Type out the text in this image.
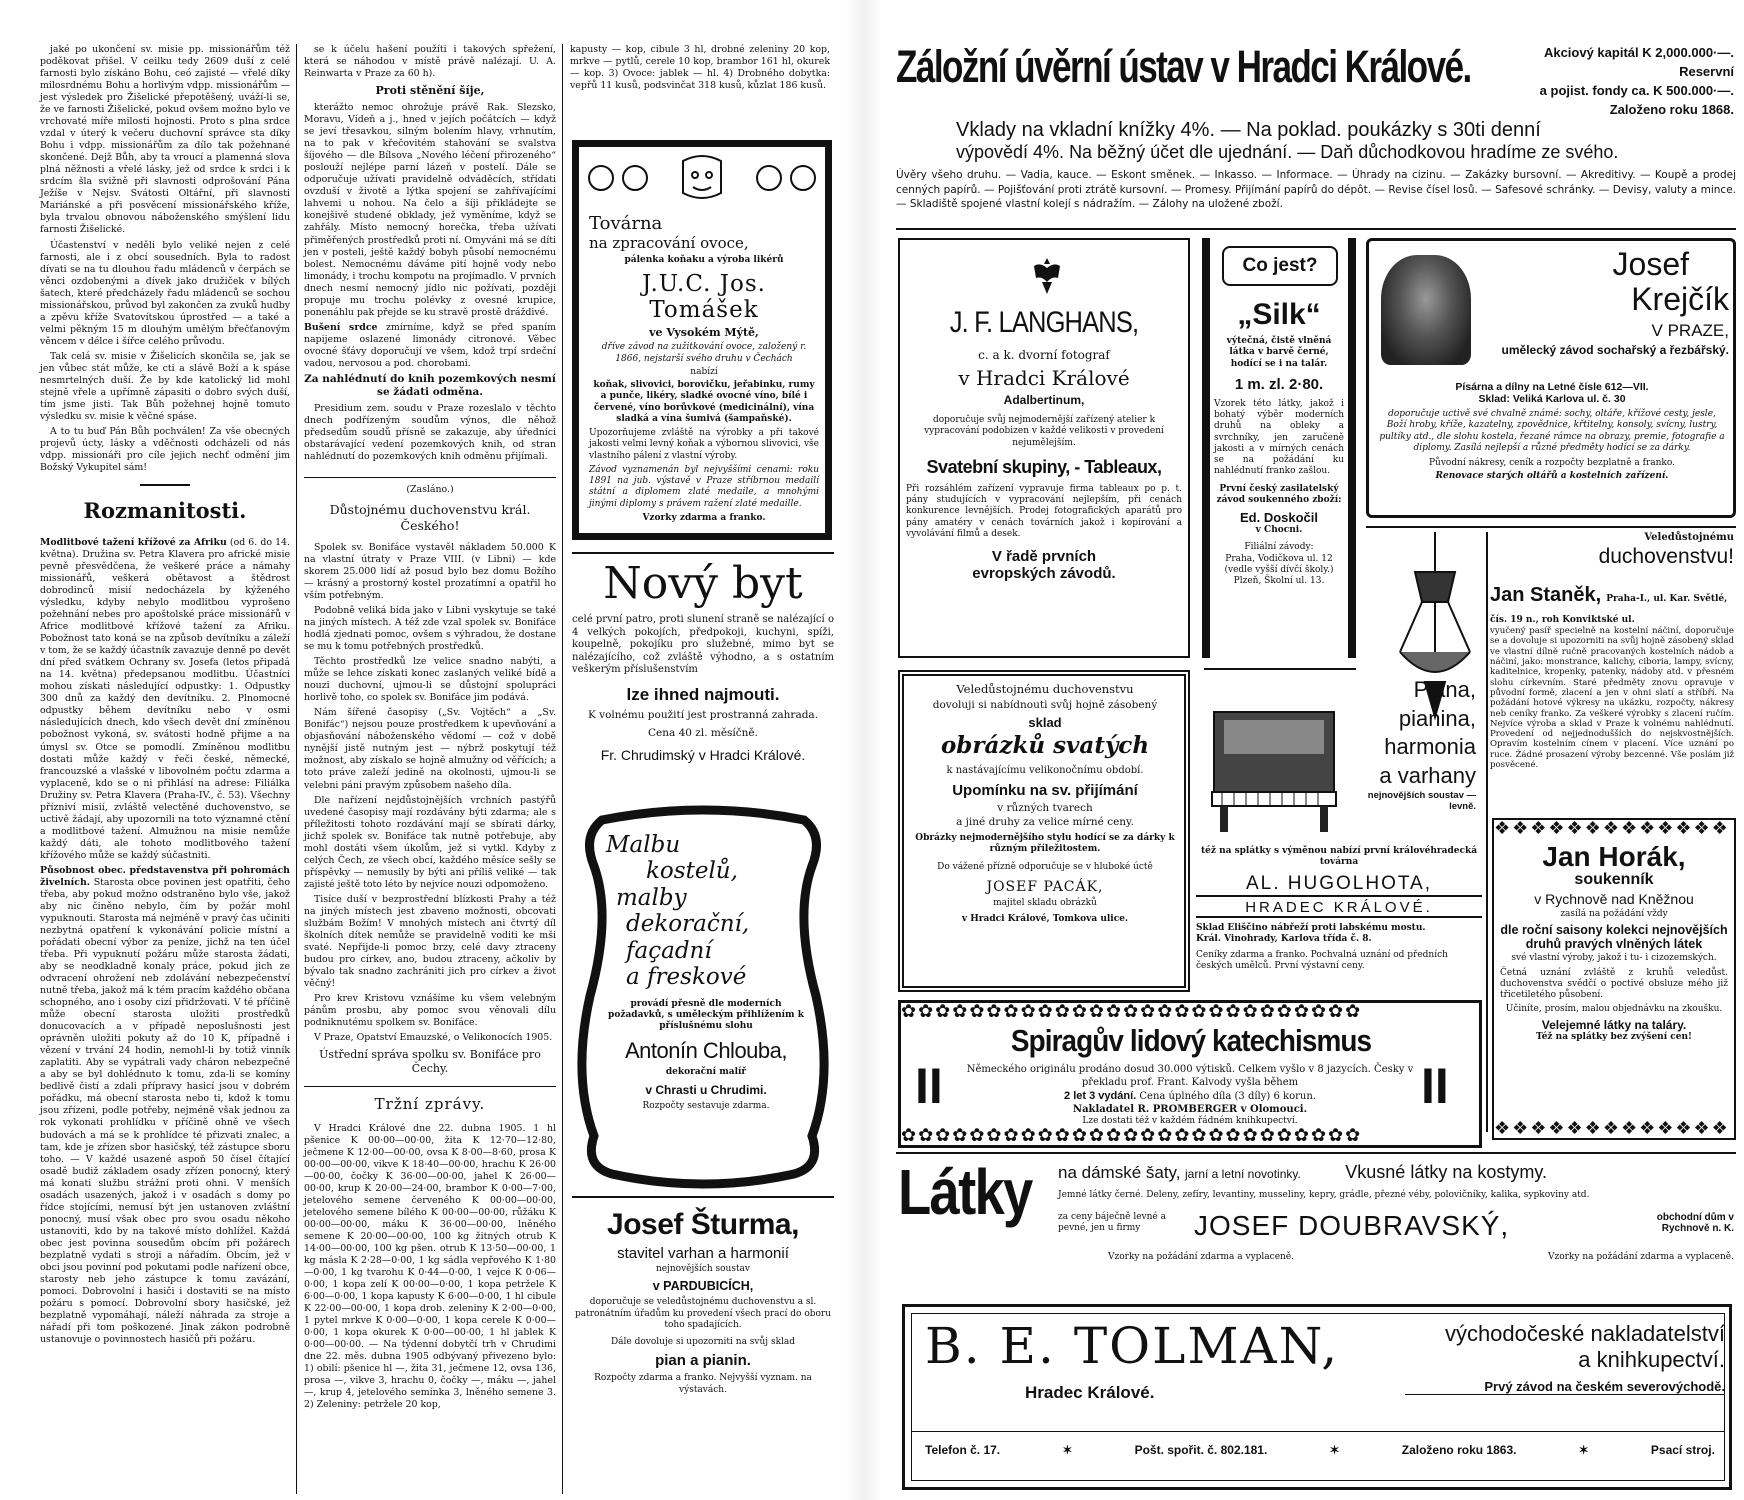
jaké po ukončení sv. misie pp. missionářům též poděkovat přišel. V ceilku tedy 2609 duší z celé farnosti bylo získáno Bohu, ceó zajisté — vřelé díky milosrdnému Bohu a horlivým vdpp. missionářům — jest výsledek pro Žišelické přepotěšený, uváží-li se, že ve farnosti Žišelické, pokud ovšem možno bylo ve vrchovaté míře milosti hojnosti. Proto s plna srdce vzdal v úterý k večeru duchovní správce sta díky Bohu i vdpp. missionářům za dílo tak požehnané skončené. Dejž Bůh, aby ta vroucí a plamenná slova plná něžnosti a vřelé lásky, jež od srdce k srdci i k srdcím šla svižně při slavnosti odprošování Pána Ježíše v Nejsv. Svátosti Oltářní, při slavnosti Mariánské a při posvěcení missionářského kříže, byla trvalou obnovou náboženského smýšlení lidu farnosti Žišelické.

Účastenství v neděli bylo veliké nejen z celé farnosti, ale i z obcí sousedních. Byla to radost dívati se na tu dlouhou řadu mládenců v čerpách se věnci ozdobenými a dívek jako družiček v bílých šatech, které předcházely řadu mládenců se sochou missionářskou, průvod byl zakončen za zvuků hudby a zpěvu kříže Svatovítskou úprostřed — a také a velmi pěkným 15 m dlouhým umělým břečťanovým věncem v délce i šířce celého průvodu.

Tak celá sv. misie v Žišelicích skončila se, jak se jen vůbec stát může, ke cti a slávě Boží a k spáse nesmrtelných duší. Že by kde katolický lid mohl stejně vřele a upřímně zápasiti o dobro svých duší, tím jsme jisti. Tak Bůh požehnej hojně tomuto výsledku sv. misie k věčné spáse.

A to tu buď Pán Bůh pochválen! Za vše obecných projevů úcty, lásky a vděčnosti odcházeli od nás vdpp. missionáři pro cíle jejich nechť odmění jim Božský Vykupitel sám!

Rozmanitosti.

Modlitbové tažení křížové za Afriku (od 6. do 14. května). Družina sv. Petra Klavera pro africké misie pevně přesvědčena, že veškeré práce a námahy missionářů, veškerá obětavost a štědrost dobrodinců misií nedocházela by kýženého výsledku, kdyby nebylo modlitbou vyprošeno požehnání nebes pro apoštolské práce missionářů v Africe modlitbové křížové tažení za Afriku. Pobožnost tato koná se na způsob devítníku a záleží v tom, že se každý účastník zavazuje denně po devět dní před svátkem Ochrany sv. Josefa (letos připadá na 14. května) předepsanou modlitbu. Účastníci mohou získati následující odpustky: 1. Odpustky 300 dnů za každý den devítníku. 2. Plnomocné odpustky během devítníku nebo v osmi následujících dnech, kdo všech devět dní zmíněnou pobožnost vykoná, sv. svátosti hodně přijme a na úmysl sv. Otce se pomodlí. Zmíněnou modlitbu dostati může každý v řeči české, německé, francouzské a vlašské v libovolném počtu zdarma a vyplaceně, kdo se o ni přihlásí na adrese: Filiálka Družiny sv. Petra Klavera (Praha-IV., č. 53). Všechny přízniví misií, zvláště velectěné duchovenstvo, se uctivě žádají, aby upozornili na toto významné ctění a modlitbové tažení. Almužnou na misie nemůže každý dáti, ale tohoto modlitbového tažení křížového může se každý súčastniti.

Působnost obec. představenstva při pohromách živelních. Starosta obce povinen jest opatřiti, čeho třeba, aby pokud možno odstraněno bylo vše, jakož aby nic činěno nebylo, čím by požár mohl vypuknouti. Starosta má nejméně v pravý čas učiniti nezbytná opatření k vykonávání policie místní a pořádati obecní výbor za peníze, jichž na ten účel třeba. Při vypuknutí požáru může starosta žádati, aby se neodkladně konaly práce, pokud jich ze odvracení ohrožení neb zdolávání nebezpečenství nutně třeba, jakož má k tém pracím každého občana schopného, ano i osoby cizí přidržovati. V té příčině může obecní starosta uložiti prostředků donucovacích a v případě neposlušnosti jest oprávněn uložiti pokuty až do 10 K, případně i vězení v trvání 24 hodin, nemohl-li by totiž vinník zaplatiti. Aby se vypátrali vady cháron nebezpečné a aby se byl dohlédnuto k tomu, zda-li se komíny bedlivě čistí a zdali přípravy hasicí jsou v dobrém pořádku, má obecní starosta nebo ti, kdož k tomu jsou zřízeni, podle potřeby, nejméně však jednou za rok vykonati prohlídku v příčině ohně ve všech budovách a má se k prohlídce té přizvati znalec, a tam, kde je zřízen sbor hasičský, též zástupce sboru toho. — V každé usazené aspoň 50 čísel čítající osadě budiž základem osady zřízen ponocný, který má konati službu strážní proti ohni. V menších osadách usazených, jakož i v osadách s domy po řídce stojícími, nemusí být jen ustanoven zvláštní ponocný, musí však obec pro svou osadu někoho ustanoviti, kdo by na takové místo dohlížel. Každá obec jest povinna sousedům obcím při požárech bezplatně vydati s stroji a nářadím. Obcím, jež v obci jsou povinní pod pokutami podle nařízení obce, starosty neb jeho zástupce k tomu zavázání, pomoci. Dobrovolní i hasiči i dostaviti se na místo požáru s pomocí. Dobrovolní sbory hasičské, jež bezplatně vypomáhají, náleží náhrada za stroje a nářadí při tom poškozené. Jinak zákon podrobně ustanovuje o povinnostech hasičů při požáru.

se k účelu hašení použíti i takových spřežení, která se náhodou v místě právě nalézají. U. A. Reinwarta v Praze za 60 h).

Proti stěnění šíje,

kterážto nemoc ohrožuje právě Rak. Slezsko, Moravu, Vídeň a j., hned v jejích počátcích — když se jeví třesavkou, silným bolením hlavy, vrhnutím, na to pak v křečovitém stahování se svalstva šíjového — dle Bílsova „Nového léčení přirozeného“ poslouží nejlépe parní lázeň v postelí. Dále se odporučuje užívati pravidelně odváděcích, střídati ovzduší v životě a lýtka spojení se zahřívajícími lahvemi u nohou. Na čelo a šíji přikládejte se konejšivě studené obklady, jež vyměníme, když se zahřály. Místo nemocný horečka, třeba užívati přiměřených prostředků proti ní. Omyváni má se díti jen v posteli, ještě každý bobyh působí nemocnému bolest. Nemocnému dáváme pití hojně vody nebo limonády, i trochu kompotu na projímadlo. V prvních dnech nesmí nemocný jídlo nic požívati, později propuje mu trochu polévky z ovesné krupice, ponenáhlu pak přejde se ku stravě prostě dráždivé.

Bušení srdce zmírníme, když se před spaním napijeme oslazené limonády citronové. Věbec ovocné šťávy doporučují ve všem, kdož trpí srdeční vadou, nervosou a pod. chorobami.

Za nahlédnutí do knih pozemkových nesmí se žádati odměna.

Presidium zem. soudu v Praze rozeslalo v těchto dnech podřízeným soudům výnos, dle něhož předsedům soudů přísně se zakazuje, aby úředníci obstarávající vedení pozemkových knih, od stran nahlédnutí do pozemkových knih odměnu přijímali.

(Zasláno.)
Důstojnému duchovenstvu král. Českého!

Spolek sv. Bonifáce vystavěl nákladem 50.000 K na vlastní útraty v Praze VIII. (v Libni) — kde skorem 25.000 lidí až posud bylo bez domu Božího — krásný a prostorný kostel prozatímní a opatřil ho vším potřebným.

Podobně veliká bída jako v Libni vyskytuje se také na jiných místech. A též zde vzal spolek sv. Bonifáce hodlá zjednati pomoc, ovšem s výhradou, že dostane se mu k tomu potřebných prostředků.

Těchto prostředků lze velice snadno nabýti, a může se lehce získati konec zaslaných veliké bídě a nouzi duchovní, ujmou-li se důstojní spolupráci horlivě toho, co spolek sv. Bonifáce jim podává.

Nám šířené časopisy („Sv. Vojtěch“ a „Sv. Bonifác“) nejsou pouze prostředkem k upevňování a objasňování náboženského vědomí — což v době nynější jistě nutným jest — nýbrž poskytují též možnost, aby získalo se hojně almužny od věřících; a toto práve zaleží jedině na okolnosti, ujmou-li se velebni páni pravým způsobem našeho díla.

Dle nařízení nejdůstojnějších vrchních pastýřů uvedené časopisy mají rozdávány býti zdarma; ale s příležitosti tohoto rozdávání mají se sbírati dárky, jichž spolek sv. Bonifáce tak nutně potřebuje, aby mohl dostáti všem úkolům, jež si vytkl. Kdyby z celých Čech, ze všech obcí, každého měsíce sešly se příspěvky — nemusily by býti ani příliš veliké — tak zajisté ještě toto léto by nejvíce nouzi odpomoženo.

Tisíce duší v bezprostřední blízkosti Prahy a též na jiných místech jest zbaveno možnosti, obcovati službám Božím! V mnohých místech ani čtvrtý díl školních dítek nemůže se pravidelně voditi ke mši svaté. Nepřijde-li pomoc brzy, celé davy ztraceny budou pro církev, ano, budou ztraceny, ačkoliv by bývalo tak snadno zachrániti jich pro církev a život věčný!

Pro krev Kristovu vznášíme ku všem velebným pánům prosbu, aby pomoc svou věnovali dílu podniknutému spolkem sv. Bonifáce.

V Praze, Opatství Emauzské, o Velikonocích 1905.

Ústřední správa spolku sv. Bonifáce pro Čechy.
Tržní zprávy.

V Hradci Králové dne 22. dubna 1905. 1 hl pšenice K 00·00—00·00, žita K 12·70—12·80, ječmene K 12·00—00·00, ovsa K 8·00—8·60, prosa K 00·00—00·00, vikve K 18·40—00·00, hrachu K 26·00—00·00, čočky K 36·00—00·00, jahel K 26·00—00·00, krup K 20·00—24·00, brambor K 0·00—7·00, jetelového semene červeného K 00·00—00·00, jetelového semene bílého K 00·00—00·00, růžáku K 00·00—00·00, máku K 36·00—00·00, lněného semene K 20·00—00·00, 100 kg žitných otrub K 14·00—00·00, 100 kg pšen. otrub K 13·50—00·00, 1 kg másla K 2·28—0·00, 1 kg sádla vepřového K 1·80—0·00, 1 kg tvarohu K 0·44—0·00, 1 vejce K 0·06—0·00, 1 kopa zelí K 00·00—0·00, 1 kopa petržele K 6·00—0·00, 1 kopa kapusty K 6·00—0·00, 1 hl cibule K 22·00—00·00, 1 kopa drob. zeleniny K 2·00—0·00, 1 pytel mrkve K 0·00—0·00, 1 kopa cerele K 0·00—0·00, 1 kopa okurek K 0·00—00·00, 1 hl jablek K 0·00—00·00. — Na týdenní dobytčí trh v Chrudimi dne 22. měs. dubna 1905 odbývaný přivezeno bylo: 1) obilí: pšenice hl —, žita 31, ječmene 12, ovsa 136, prosa —, vikve 3, hrachu 0, čočky —, máku —, jahel —, krup 4, jetelového semínka 3, lněného semene 3. 2) Zeleniny: petržele 20 kop,

kapusty — kop, cibule 3 hl, drobné zeleniny 20 kop, mrkve — pytlů, cerele 10 kop, brambor 161 hl, okurek — kop. 3) Ovoce: jablek — hl. 4) Drobného dobytka: vepřů 11 kusů, podsvinčat 318 kusů, kůzlat 186 kusů.

Továrna
na zpracování ovoce,
pálenka koňaku a výroba likérů
J.U.C. Jos. Tomášek
ve Vysokém Mýtě,
dříve závod na zužitkování ovoce, založený r. 1866, nejstarší svého druhu v Čechách
nabízí
koňak, slivovici, borovičku, jeřabinku, rumy a punče, likéry, sladké ovocné víno, bílé i červené, víno borůvkové (medicinální), vína sladká a vína šumivá (šampaňské).
Upozorňujeme zvláště na výrobky a při takové jakosti velmi levný koňak a výbornou slivovici, vše vlastního pálení z vlastní výroby.
Závod vyznamenán byl nejvyššími cenami: roku 1891 na jub. výstavě v Praze stříbrnou medailí státní a diplomem zlaté medaile, a mnohými jinými diplomy s právem ražení zlaté medaille.
Vzorky zdarma a franko.
Nový byt
celé první patro, proti slunení straně se nalézající o 4 velkých pokojích, předpokoji, kuchyni, spíži, koupelně, pokojíku pro služebné, mimo byt se nalézajícího, což zvláště výhodno, a s ostatním veškerým příslušenstvím
lze ihned najmouti.
K volnému použití jest prostranná zahrada.
Cena 40 zl. měsíčně.
Fr. Chrudimský v Hradci Králové.
Malbu
kostelů,
malby
dekorační,
façadní
a freskové
provádí přesně dle moderních požadavků, s uměleckým přihlížením k příslušnému slohu
Antonín Chlouba,
dekorační malíř
v Chrasti u Chrudimi.
Rozpočty sestavuje zdarma.
Josef Šturma,
stavitel varhan a harmonií
nejnovějších soustav
v PARDUBICÍCH,
doporučuje se veledůstojnému duchovenstvu a sl. patronátním úřadům ku provedení všech prací do oboru toho spadajících.
Dále dovoluje si upozorniti na svůj sklad
pian a pianin.
Rozpočty zdarma a franko. Nejvyšší vyznam. na výstavách.
Záložní úvěrní ústav v Hradci Králové.	Akciový kapitál K 2,000.000·—.
Reservní
a pojist. fondy ca. K 500.000·—.
Založeno roku 1868.
Vklady na vkladní knížky 4%. — Na poklad. poukázky s 30ti denní
výpovědí 4%. Na běžný účet dle ujednání. — Daň důchodkovou hradíme ze svého.
Úvěry všeho druhu. — Vadia, kauce. — Eskont směnek. — Inkasso. — Informace. — Úhrady na cizinu. — Zakázky bursovní. — Akreditivy. — Koupě a prodej cenných papírů. — Pojišťování proti ztrátě kursovní. — Promesy. Přijímání papírů do dépôt. — Revise čísel losů. — Safesové schránky. — Devisy, valuty a mince. — Skladiště spojené vlastní kolejí s nádražím. — Zálohy na uložené zboží.
J. F. LANGHANS,
c. a k. dvorní fotograf
v Hradci Králové
Adalbertinum,
doporučuje svůj nejmodernější zařízený atelier k vypracování podobizen v každé velikosti v provedení nejumělejším.
Svatební skupiny, - Tableaux,
Při rozsáhlém zařízení vypravuje firma tableaux po p. t. pány studujících v vypracování nejlepším, při cenách konkurence levnějších. Prodej fotografických aparátů pro pány amatéry v cenách továrních jakož i kopírování a vyvolávání filmů a desek.
V řadě prvních
evropských závodů.
Co jest?
„Silk“
výtečná, čistě vlněná látka v barvě černé, hodící se i na talár.
1 m. zl. 2·80.
Vzorek této látky, jakož i bohatý výběr moderních druhů na obleky a svrchníky, jen zaručeně jakosti a v mírných cenách se na požádání ku nahlédnutí franko zašlou.
První český zasilatelský závod soukenného zboží:
Ed. Doskočil
v Chocni.
Filiální závody:
Praha, Vodičkova ul. 12 (vedle vyšší dívčí školy.)
Plzeň, Školní ul. 13.
Josef
Krejčík
V PRAZE,
umělecký závod sochařský a řezbářský.
Písárna a dílny na Letné čísle 612—VII.
Sklad: Veliká Karlova ul. č. 30
doporučuje uctivě své chvalně známé: sochy, oltáře, křížové cesty, jesle, Boží hroby, kříže, kazatelny, zpovědnice, křtitelny, konsoly, svícny, lustry, pultíky atd., dle slohu kostela, řezané rámce na obrazy, premie, fotografie a diplomy. Zasílá nejlepší a různé předměty hodící se za dárky.
Původní nákresy, ceník a rozpočty bezplatně a franko.
Renovace starých oltářů a kostelních zařízení.
Veledůstojnému
duchovenstvu!
Jan Staněk, Praha-I., ul. Kar. Světlé, čís. 19 n., roh Konviktské ul.
vyučený pasíř specielně na kostelní náčiní, doporučuje se a dovoluje si upozorniti na svůj hojně zásobený sklad ve vlastní dílně ručně pracovaných kostelních nádob a náčiní, jako: monstrance, kalichy, ciboria, lampy, svícny, kaditelnice, kropenky, patenky, nádoby atd. v přesném slohu církevním. Staré předměty znovu opravuje v původní formě, zlacení a jen v ohni slatí a stříbří. Na požádání hotové výkresy na ukázku, rozpočty, nákresy neb ceníky franko. Za veškeré výrobky s zlacení ručím. Nejvíce výroba a sklad v Praze k volnému nahlédnutí. Provedení od nejjednodušších do nejskvostnějších. Opravím kostelním cínem v placení. Více uznání po ruce. Žádné prosazení výroby bezcenné. Vše poslám již posvěcené.
Veledůstojnému duchovenstvu
dovoluji si nabídnouti svůj hojně zásobený
sklad
obrázků svatých
k nastávajícímu velikonočnímu období.
Upomínku na sv. přijímání
v různých tvarech
a jiné druhy za velice mírné ceny.
Obrázky nejmodernějšího stylu hodící se za dárky k různým příležitostem.
Do vážené přízně odporučuje se v hluboké úctě
JOSEF PACÁK,
majitel skladu obrázků
v Hradci Králové, Tomkova ulice.
Piana,
pianina,
harmonia
a varhany
nejnovějších soustav — levně.
též na splátky s výměnou nabízí první královéhradecká továrna
AL. HUGOLHOTA,
HRADEC KRÁLOVÉ.
Sklad Eliščino nábřeží proti labskému mostu.
Král. Vinohrady, Karlova třída č. 8.
Ceníky zdarma a franko. Pochvalná uznání od předních českých umělců. První výstavní ceny.
❖❖❖❖❖❖❖❖❖❖❖❖❖
❖❖❖❖❖❖❖❖❖❖❖❖❖
Jan Horák,
soukenník
v Rychnově nad Kněžnou
zasílá na požádání vždy
dle roční saisony kolekci nejnovějších druhů pravých vlněných látek
své vlastní výroby, jakož i tu- i cizozemských.
Četná uznání zvláště z kruhů veledůst. duchovenstva svědčí o poctivé obsluze mého již třicetiletého působení.
Učiníte, prosím, malou objednávku na zkoušku.
Velejemné látky na taláry.
Též na splátky bez zvýšení cen!
✿✿✿✿✿✿✿✿✿✿✿✿✿✿✿✿✿✿✿✿✿✿✿✿✿✿✿
✿✿✿✿✿✿✿✿✿✿✿✿✿✿✿✿✿✿✿✿✿✿✿✿✿✿✿
Spiragův lidový katechismus
II	II
Německého originálu prodáno dosud 30.000 výtisků. Celkem vyšlo v 8 jazycích. Česky v překladu prof. Frant. Kalvody vyšla během
2 let 3 vydání. Cena úplného díla (3 díly) 6 korun.
Nakladatel R. PROMBERGER v Olomouci.
Lze dostati též v každém řádném knihkupectví.
Látky na dámské šaty, jarní a letní novotinky. Vkusné látky na kostymy.
Jemné látky černé. Deleny, zefíry, levantiny, musseliny, kepry, grádle, přezné véby, polovičníky, kalika, sypkoviny atd.
za ceny báječně levné a pevné, jen u firmy	JOSEF DOUBRAVSKÝ,	obchodní dům v Rychnově n. K.
Vzorky na požádání zdarma a vyplaceně.	Vzorky na požádání zdarma a vyplaceně.
B. E. TOLMAN,
Hradec Králové.
východočeské nakladatelství
a knihkupectví.
Prvý závod na českém severovýchodě.
Telefon č. 17.	✶	Pošt. spořit. č. 802.181.	✶	Založeno roku 1863.	✶	Psací stroj.
